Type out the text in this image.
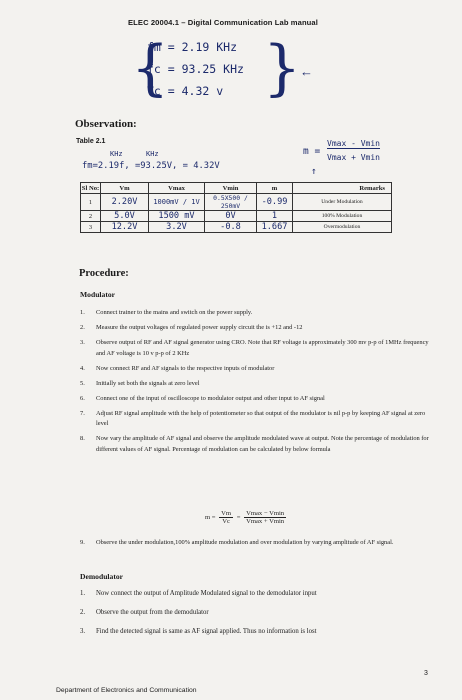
ELEC 20004.1 – Digital Communication Lab manual
{
fm = 2.19 KHz
fc = 93.25 KHz
Vc = 4.32 v }
←
Observation:
Table 2.1
KHz	KHz
fm=2.19f, =93.25V, = 4.32V
m =
Vmax - Vmin
Vmax + Vmin
↑
Sl No:	Vm	Vmax	Vmin	m	Remarks
1	2.20V	1000mV / 1V	0.5X500 / 250mV	-0.99	Under Modulation
2	5.0V	1500 mV	0V	1	100% Modulation
3	12.2V	3.2V	-0.8	1.667	Overmodulation
Procedure:
Modulator
1. Connect trainer to the mains and switch on the power supply.
2. Measure the output voltages of regulated power supply circuit the is +12 and -12
3. Observe output of RF and AF signal generator using CRO. Note that RF voltage is approximately 300 mv p-p of 1MHz frequency and AF voltage is 10 v p-p of 2 KHz
4. Now connect RF and AF signals to the respective inputs of modulator
5. Initially set both the signals at zero level
6. Connect one of the input of oscilloscope to modulator output and other input to AF signal
7. Adjust RF signal amplitude with the help of potentiometer so that output of the modulator is nil p-p by keeping AF signal at zero level
8. Now vary the amplitude of AF signal and observe the amplitude modulated wave at output. Note the percentage of modulation for different values of AF signal. Percentage of modulation can be calculated by below formula
$m = \frac{Vm}{Vc} = \frac{Vmax - Vmin}{Vmax + Vmin}$
9.	Observe the under modulation,100% amplitude modulation and over modulation by varying amplitude of AF signal.
Demodulator
1. Now connect the output of Amplitude Modulated signal to the demodulator input
2. Observe the output from the demodulator
3. Find the detected signal is same as AF signal applied. Thus no information is lost
3
Department of Electronics and Communication
